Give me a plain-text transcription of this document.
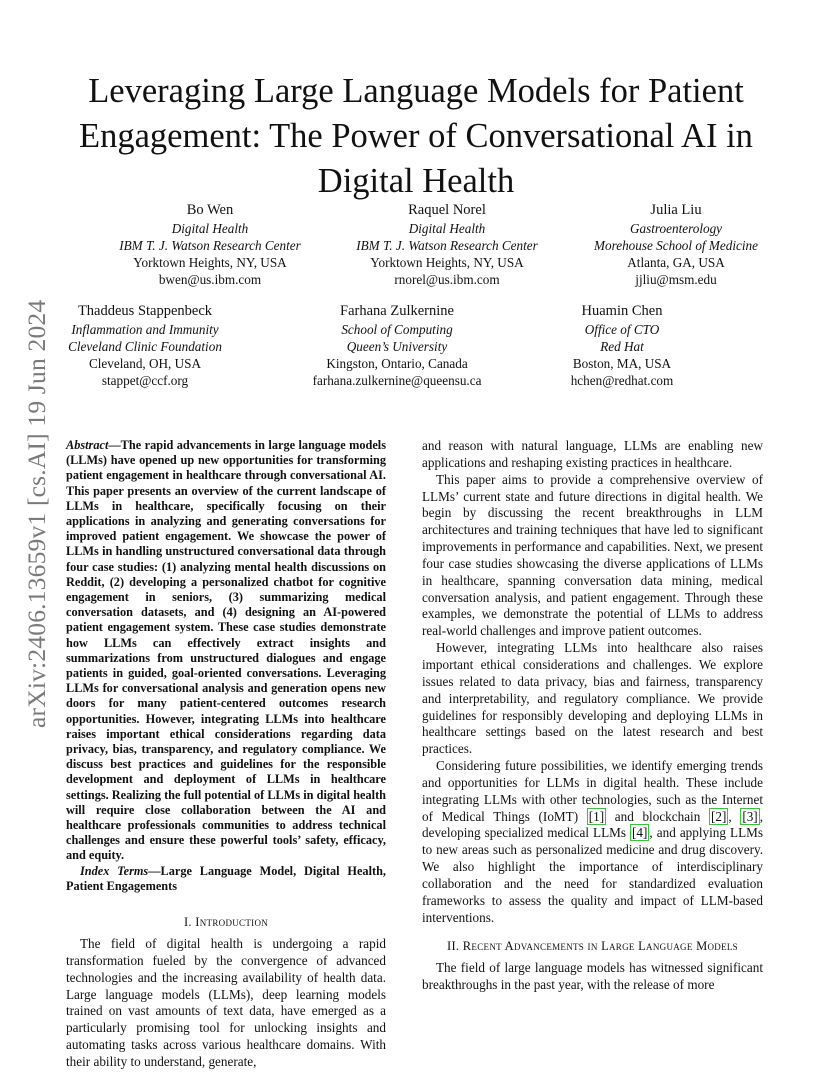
arXiv:2406.13659v1 [cs.AI] 19 Jun 2024
Leveraging Large Language Models for Patient Engagement: The Power of Conversational AI in Digital Health
Bo Wen
Digital Health
IBM T. J. Watson Research Center
Yorktown Heights, NY, USA
bwen@us.ibm.com
Raquel Norel
Digital Health
IBM T. J. Watson Research Center
Yorktown Heights, NY, USA
rnorel@us.ibm.com
Julia Liu
Gastroenterology
Morehouse School of Medicine
Atlanta, GA, USA
jjliu@msm.edu
Thaddeus Stappenbeck
Inflammation and Immunity
Cleveland Clinic Foundation
Cleveland, OH, USA
stappet@ccf.org
Farhana Zulkernine
School of Computing
Queen’s University
Kingston, Ontario, Canada
farhana.zulkernine@queensu.ca
Huamin Chen
Office of CTO
Red Hat
Boston, MA, USA
hchen@redhat.com

Abstract—The rapid advancements in large language models (LLMs) have opened up new opportunities for transforming patient engagement in healthcare through conversational AI. This paper presents an overview of the current landscape of LLMs in healthcare, specifically focusing on their applications in analyzing and generating conversations for improved patient engagement. We showcase the power of LLMs in handling unstructured conversational data through four case studies: (1) analyzing mental health discussions on Reddit, (2) developing a personalized chatbot for cognitive engagement in seniors, (3) summarizing medical conversation datasets, and (4) designing an AI-powered patient engagement system. These case studies demonstrate how LLMs can effectively extract insights and summarizations from unstructured dialogues and engage patients in guided, goal-oriented conversations. Leveraging LLMs for conversational analysis and generation opens new doors for many patient-centered outcomes research opportunities. However, integrating LLMs into healthcare raises important ethical considerations regarding data privacy, bias, transparency, and regulatory compliance. We discuss best practices and guidelines for the responsible development and deployment of LLMs in healthcare settings. Realizing the full potential of LLMs in digital health will require close collaboration between the AI and healthcare professionals communities to address technical challenges and ensure these powerful tools’ safety, efficacy, and equity.

Index Terms—Large Language Model, Digital Health, Patient Engagements

I. Introduction

The field of digital health is undergoing a rapid transformation fueled by the convergence of advanced technologies and the increasing availability of health data. Large language models (LLMs), deep learning models trained on vast amounts of text data, have emerged as a particularly promising tool for unlocking insights and automating tasks across various healthcare domains. With their ability to understand, generate,

and reason with natural language, LLMs are enabling new applications and reshaping existing practices in healthcare.

This paper aims to provide a comprehensive overview of LLMs’ current state and future directions in digital health. We begin by discussing the recent breakthroughs in LLM architectures and training techniques that have led to significant improvements in performance and capabilities. Next, we present four case studies showcasing the diverse applications of LLMs in healthcare, spanning conversation data mining, medical conversation analysis, and patient engagement. Through these examples, we demonstrate the potential of LLMs to address real-world challenges and improve patient outcomes.

However, integrating LLMs into healthcare also raises important ethical considerations and challenges. We explore issues related to data privacy, bias and fairness, transparency and interpretability, and regulatory compliance. We provide guidelines for responsibly developing and deploying LLMs in healthcare settings based on the latest research and best practices.

Considering future possibilities, we identify emerging trends and opportunities for LLMs in digital health. These include integrating LLMs with other technologies, such as the Internet of Medical Things (IoMT) [1] and blockchain [2] , [3] , developing specialized medical LLMs [4] , and applying LLMs to new areas such as personalized medicine and drug discovery. We also highlight the importance of interdisciplinary collaboration and the need for standardized evaluation frameworks to assess the quality and impact of LLM-based interventions.

II. Recent Advancements in Large Language Models

The field of large language models has witnessed significant breakthroughs in the past year, with the release of more
